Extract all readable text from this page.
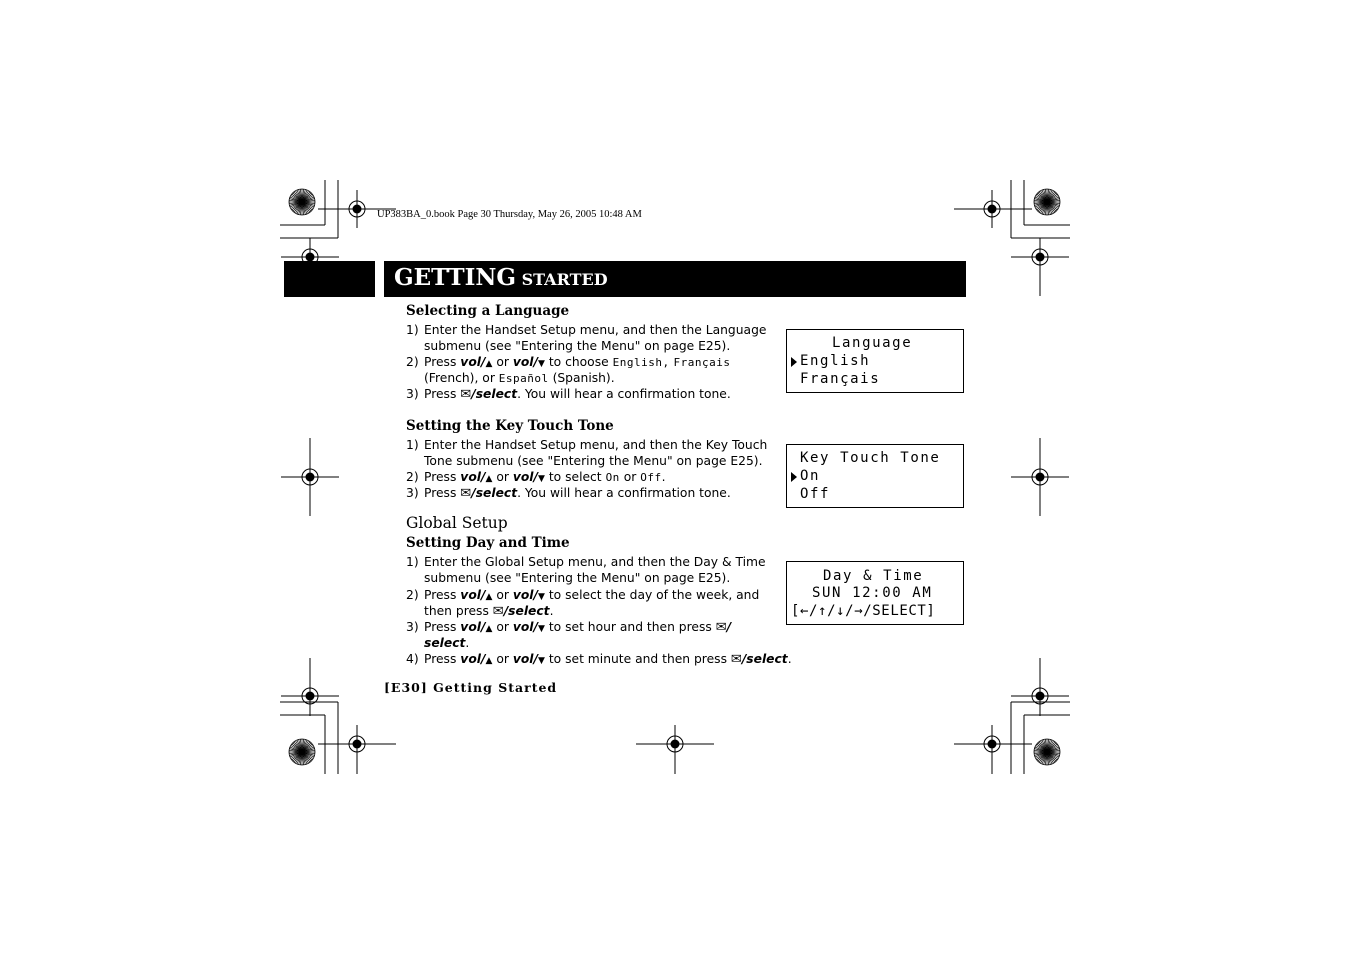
UP383BA_0.book Page 30 Thursday, May 26, 2005 10:48 AM
GETTING STARTED
Selecting a Language
1) Enter the Handset Setup menu, and then the Language
submenu (see "Entering the Menu" on page E25).
2) Press vol/▲ or vol/▼ to choose English, Français
(French), or Español (Spanish).
3) Press ✉/select. You will hear a confirmation tone.
Language
English
Français
Setting the Key Touch Tone
1) Enter the Handset Setup menu, and then the Key Touch
Tone submenu (see "Entering the Menu" on page E25).
2) Press vol/▲ or vol/▼ to select On or Off.
3) Press ✉/select. You will hear a confirmation tone.
Key Touch Tone
On
Off
Global Setup
Setting Day and Time
1) Enter the Global Setup menu, and then the Day & Time
submenu (see "Entering the Menu" on page E25).
2) Press vol/▲ or vol/▼ to select the day of the week, and
then press ✉/select.
3) Press vol/▲ or vol/▼ to set hour and then press ✉/
select.
4) Press vol/▲ or vol/▼ to set minute and then press ✉/select.
Day & Time
SUN 12:00 AM
[←/↑/↓/→/SELECT]
[E30] Getting Started
